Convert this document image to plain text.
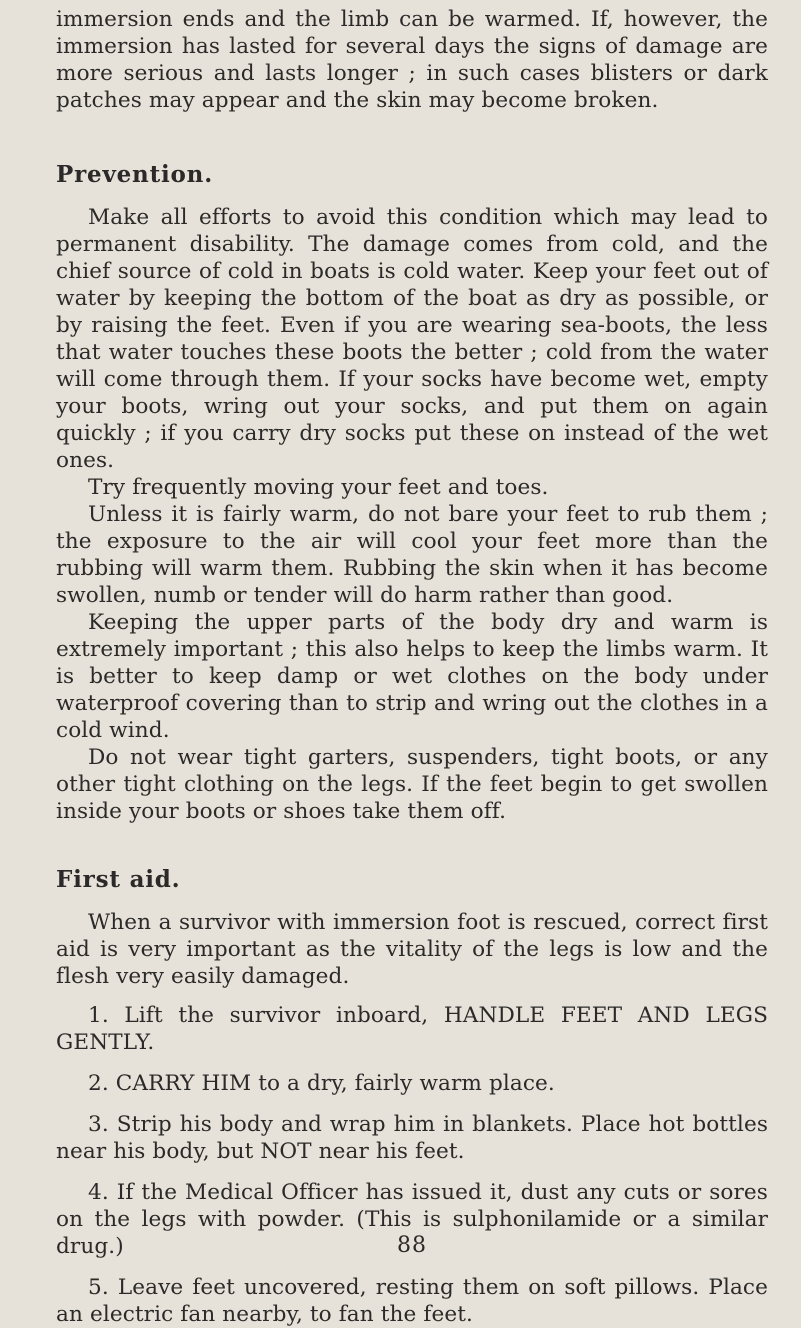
immersion ends and the limb can be warmed. If, however, the immersion has lasted for several days the signs of damage are more serious and lasts longer ; in such cases blisters or dark patches may appear and the skin may become broken.

Prevention.

Make all efforts to avoid this condition which may lead to permanent disability. The damage comes from cold, and the chief source of cold in boats is cold water. Keep your feet out of water by keeping the bottom of the boat as dry as possible, or by raising the feet. Even if you are wearing sea-boots, the less that water touches these boots the better ; cold from the water will come through them. If your socks have become wet, empty your boots, wring out your socks, and put them on again quickly ; if you carry dry socks put these on instead of the wet ones.

Try frequently moving your feet and toes.

Unless it is fairly warm, do not bare your feet to rub them ; the exposure to the air will cool your feet more than the rubbing will warm them. Rubbing the skin when it has become swollen, numb or tender will do harm rather than good.

Keeping the upper parts of the body dry and warm is extremely important ; this also helps to keep the limbs warm. It is better to keep damp or wet clothes on the body under waterproof covering than to strip and wring out the clothes in a cold wind.

Do not wear tight garters, suspenders, tight boots, or any other tight clothing on the legs. If the feet begin to get swollen inside your boots or shoes take them off.

First aid.

When a survivor with immersion foot is rescued, correct first aid is very important as the vitality of the legs is low and the flesh very easily damaged.

1. Lift the survivor inboard, HANDLE FEET AND LEGS GENTLY.

2. CARRY HIM to a dry, fairly warm place.

3. Strip his body and wrap him in blankets. Place hot bottles near his body, but NOT near his feet.

4. If the Medical Officer has issued it, dust any cuts or sores on the legs with powder. (This is sulphonilamide or a similar drug.)

5. Leave feet uncovered, resting them on soft pillows. Place an electric fan nearby, to fan the feet.

88
